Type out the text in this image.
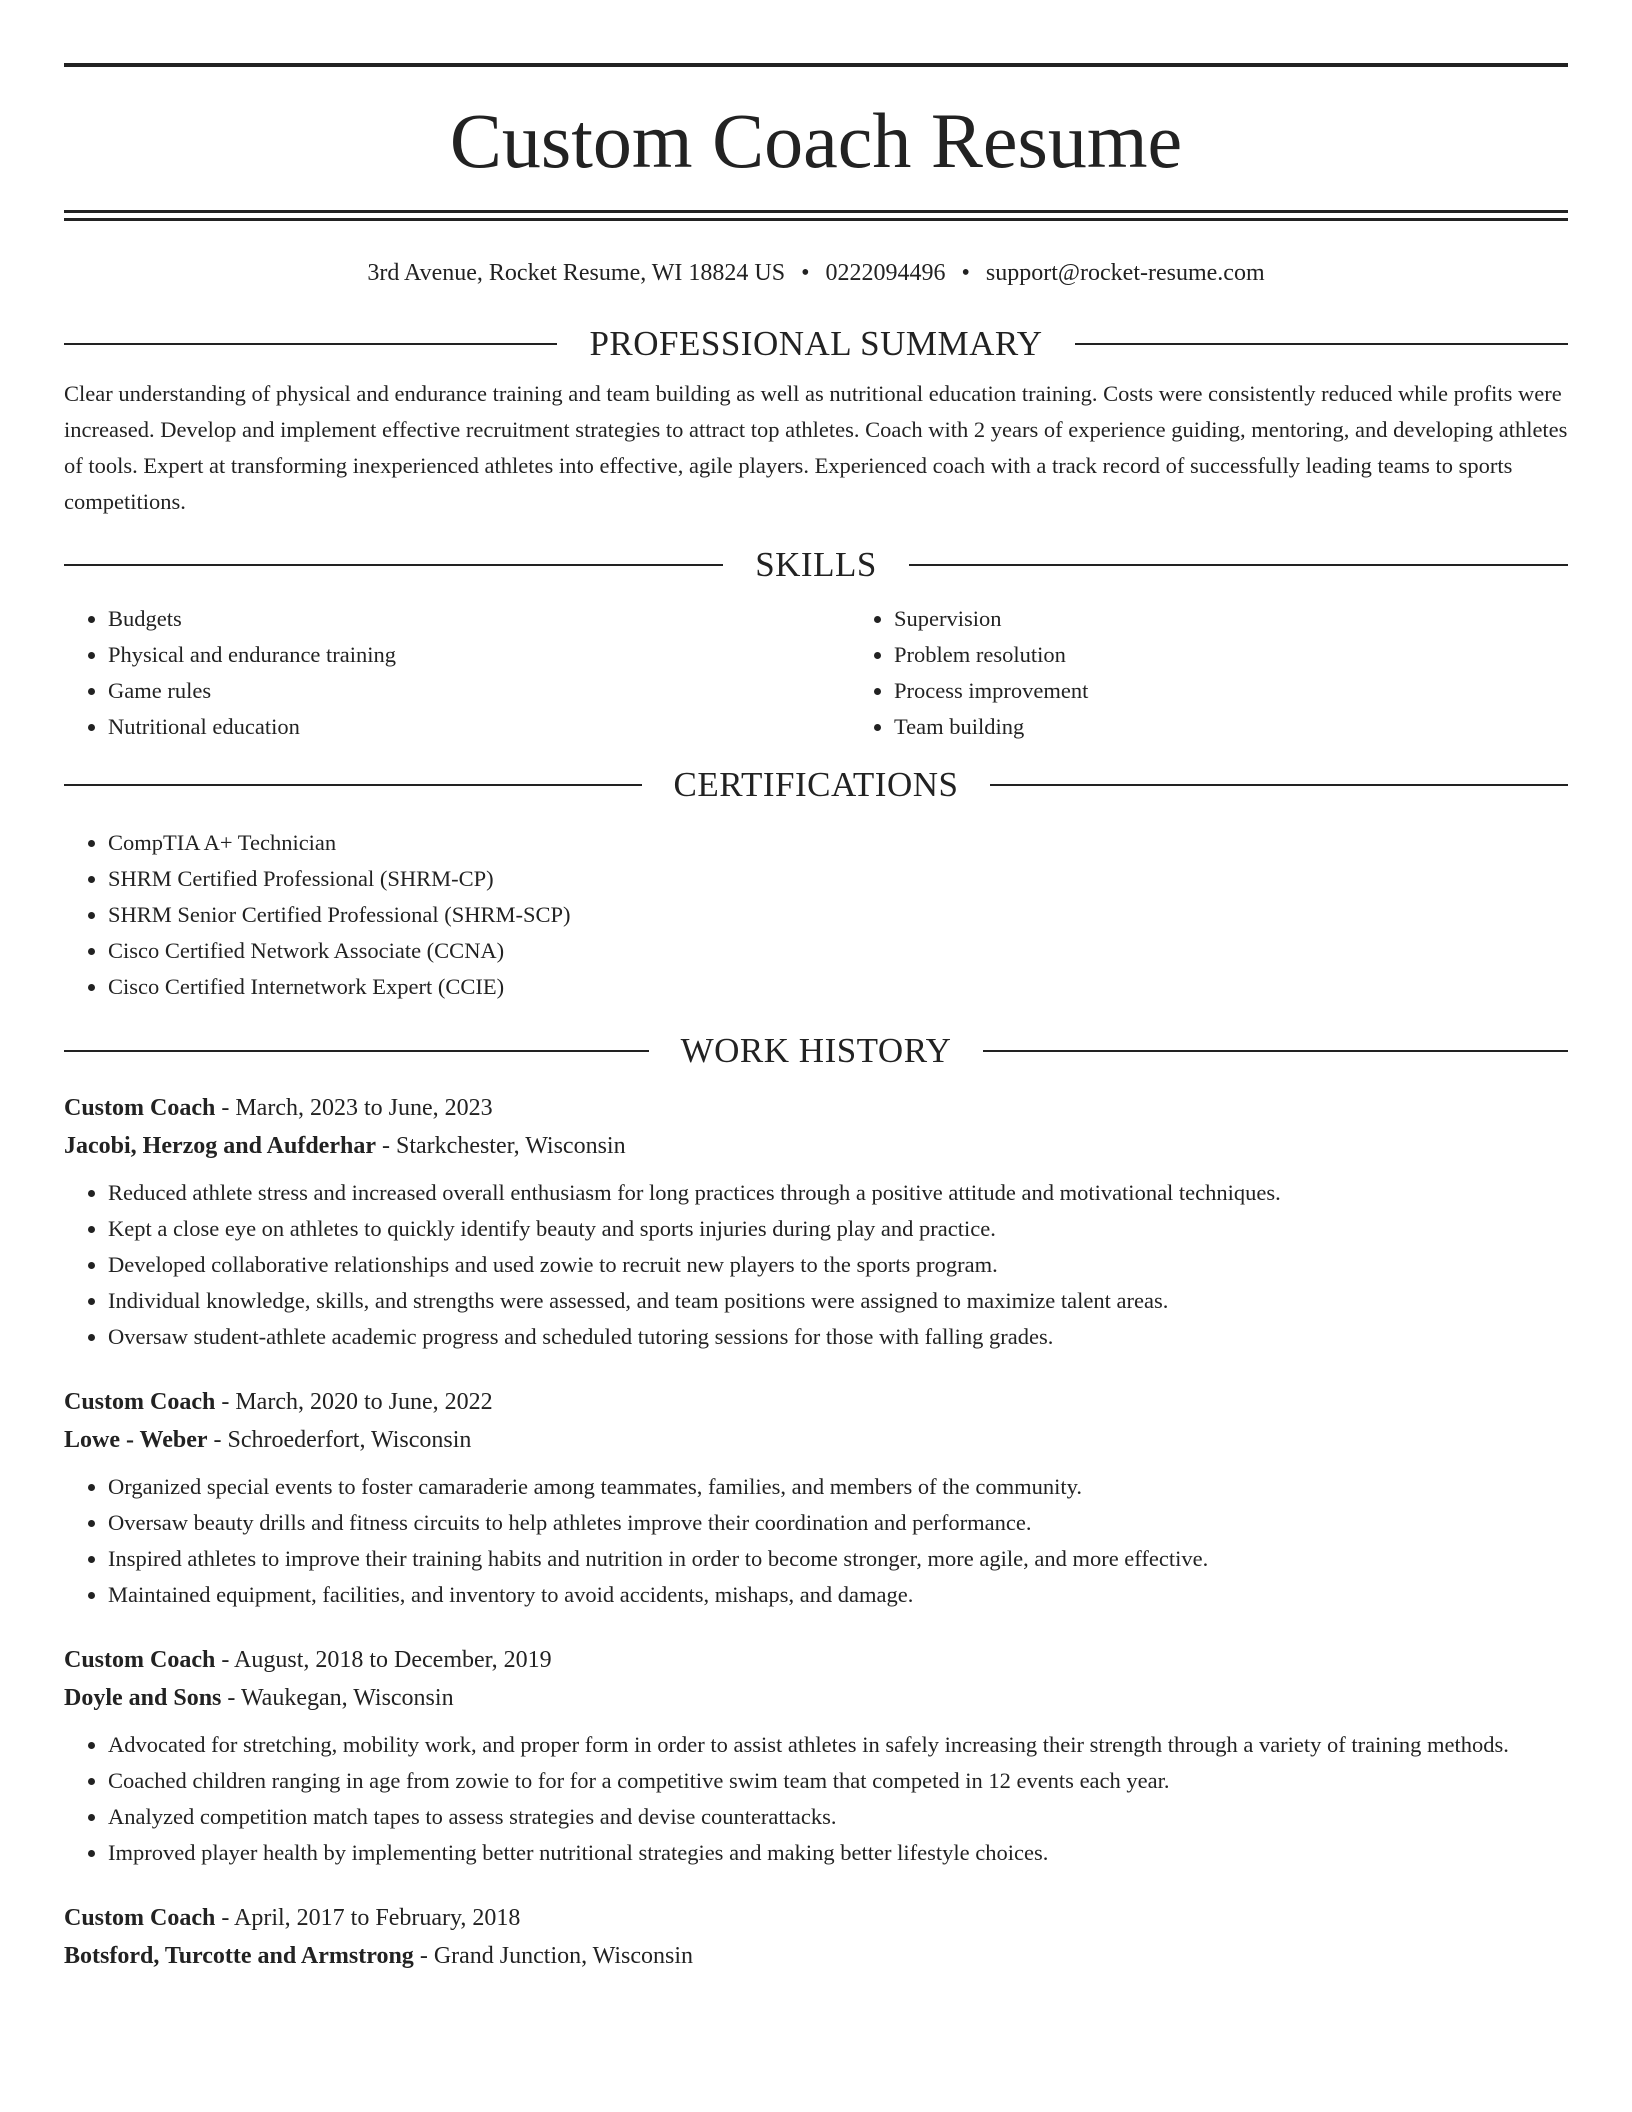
Custom Coach Resume
3rd Avenue, Rocket Resume, WI 18824 US • 0222094496 • support@rocket-resume.com
PROFESSIONAL SUMMARY

Clear understanding of physical and endurance training and team building as well as nutritional education training. Costs were consistently reduced while profits were increased. Develop and implement effective recruitment strategies to attract top athletes. Coach with 2 years of experience guiding, mentoring, and developing athletes of tools. Expert at transforming inexperienced athletes into effective, agile players. Experienced coach with a track record of successfully leading teams to sports competitions.

SKILLS
• Budgets
• Physical and endurance training
• Game rules
• Nutritional education
• Supervision
• Problem resolution
• Process improvement
• Team building
CERTIFICATIONS
• CompTIA A+ Technician
• SHRM Certified Professional (SHRM-CP)
• SHRM Senior Certified Professional (SHRM-SCP)
• Cisco Certified Network Associate (CCNA)
• Cisco Certified Internetwork Expert (CCIE)
WORK HISTORY
Custom Coach - March, 2023 to June, 2023
Jacobi, Herzog and Aufderhar - Starkchester, Wisconsin
• Reduced athlete stress and increased overall enthusiasm for long practices through a positive attitude and motivational techniques.
• Kept a close eye on athletes to quickly identify beauty and sports injuries during play and practice.
• Developed collaborative relationships and used zowie to recruit new players to the sports program.
• Individual knowledge, skills, and strengths were assessed, and team positions were assigned to maximize talent areas.
• Oversaw student-athlete academic progress and scheduled tutoring sessions for those with falling grades.
Custom Coach - March, 2020 to June, 2022
Lowe - Weber - Schroederfort, Wisconsin
• Organized special events to foster camaraderie among teammates, families, and members of the community.
• Oversaw beauty drills and fitness circuits to help athletes improve their coordination and performance.
• Inspired athletes to improve their training habits and nutrition in order to become stronger, more agile, and more effective.
• Maintained equipment, facilities, and inventory to avoid accidents, mishaps, and damage.
Custom Coach - August, 2018 to December, 2019
Doyle and Sons - Waukegan, Wisconsin
• Advocated for stretching, mobility work, and proper form in order to assist athletes in safely increasing their strength through a variety of training methods.
• Coached children ranging in age from zowie to for for a competitive swim team that competed in 12 events each year.
• Analyzed competition match tapes to assess strategies and devise counterattacks.
• Improved player health by implementing better nutritional strategies and making better lifestyle choices.
Custom Coach - April, 2017 to February, 2018
Botsford, Turcotte and Armstrong - Grand Junction, Wisconsin
